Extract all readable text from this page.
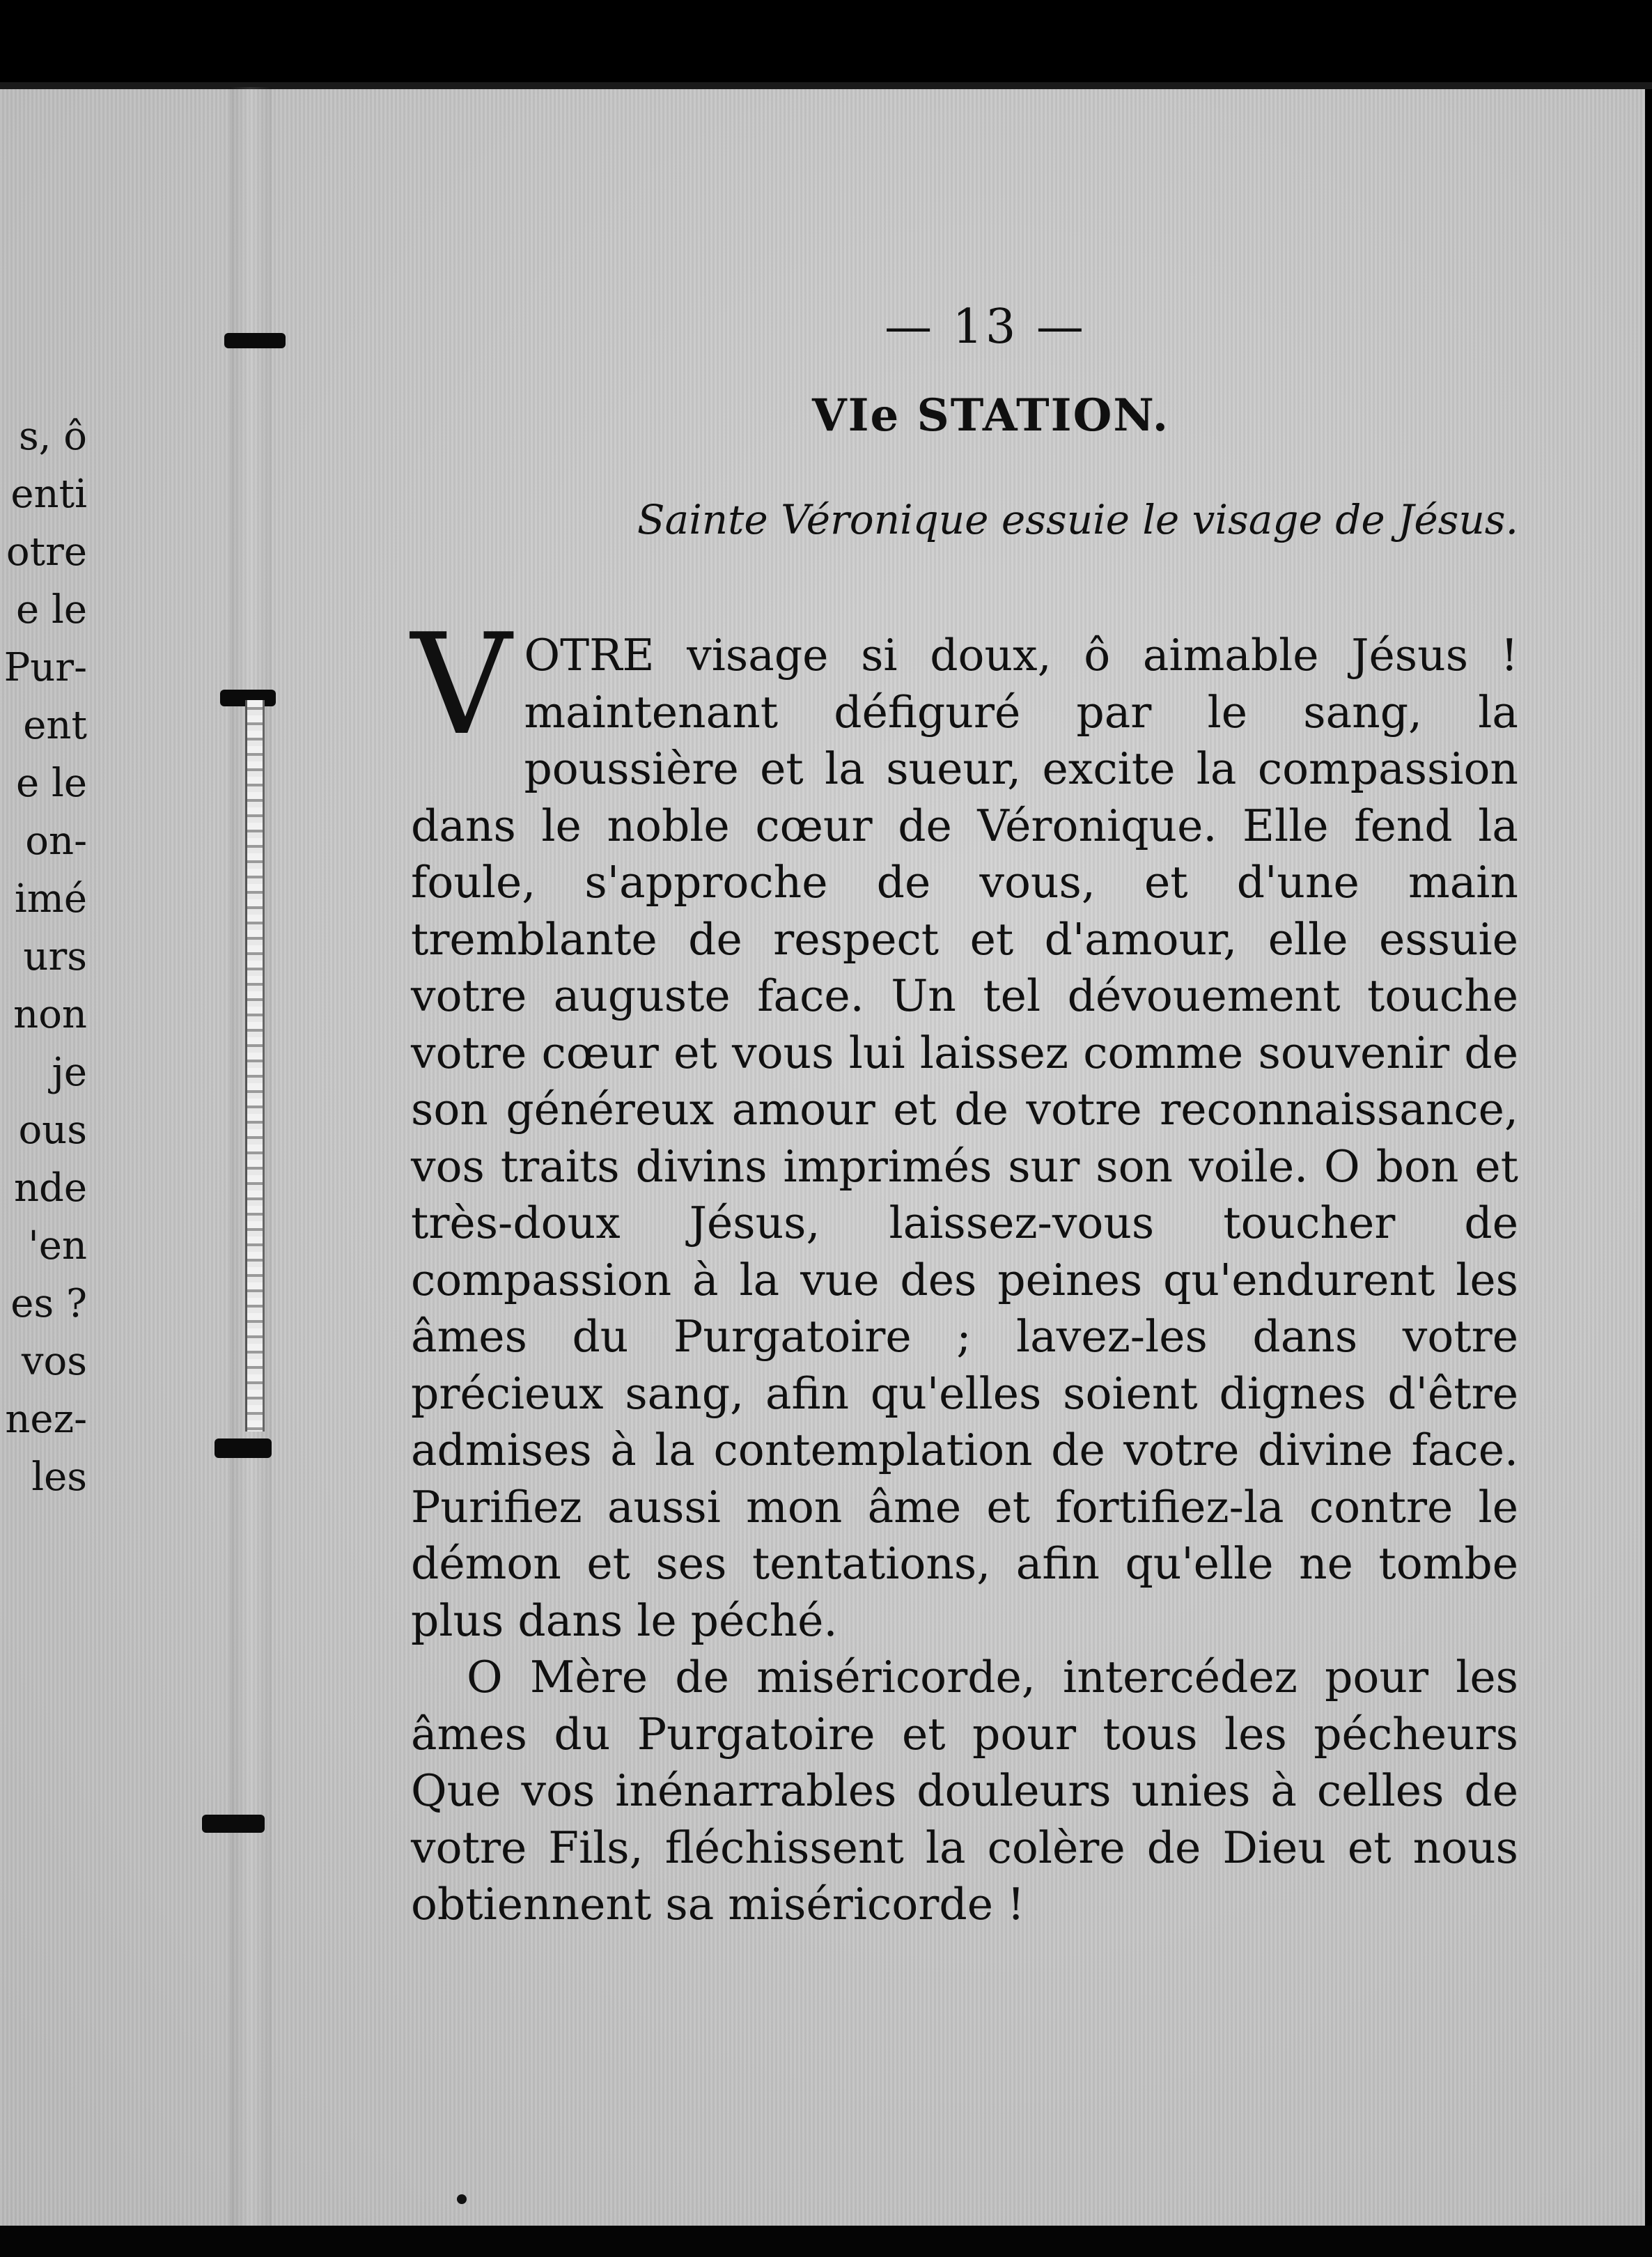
s, ô
enti
otre
e le
Pur-
ent
e le
on-
imé
urs
non
je
ous
nde
'en
es ?
vos
nez-
les
— 13 —
VIe STATION.
Sainte Véronique essuie le visage de Jésus.

VOTRE visage si doux, ô aimable Jésus ! maintenant défiguré par le sang, la poussière et la sueur, excite la compassion dans le noble cœur de Véronique. Elle fend la foule, s'approche de vous, et d'une main tremblante de respect et d'amour, elle essuie votre auguste face. Un tel dévouement touche votre cœur et vous lui laissez comme souvenir de son généreux amour et de votre reconnaissance, vos traits divins imprimés sur son voile. O bon et très-doux Jésus, laissez-vous toucher de compassion à la vue des peines qu'endurent les âmes du Purgatoire ; lavez-les dans votre précieux sang, afin qu'elles soient dignes d'être admises à la contemplation de votre divine face. Purifiez aussi mon âme et fortifiez-la contre le démon et ses tentations, afin qu'elle ne tombe plus dans le péché.

O Mère de miséricorde, intercédez pour les âmes du Purgatoire et pour tous les pécheurs Que vos inénarrables douleurs unies à celles de votre Fils, fléchissent la colère de Dieu et nous obtiennent sa miséricorde !
